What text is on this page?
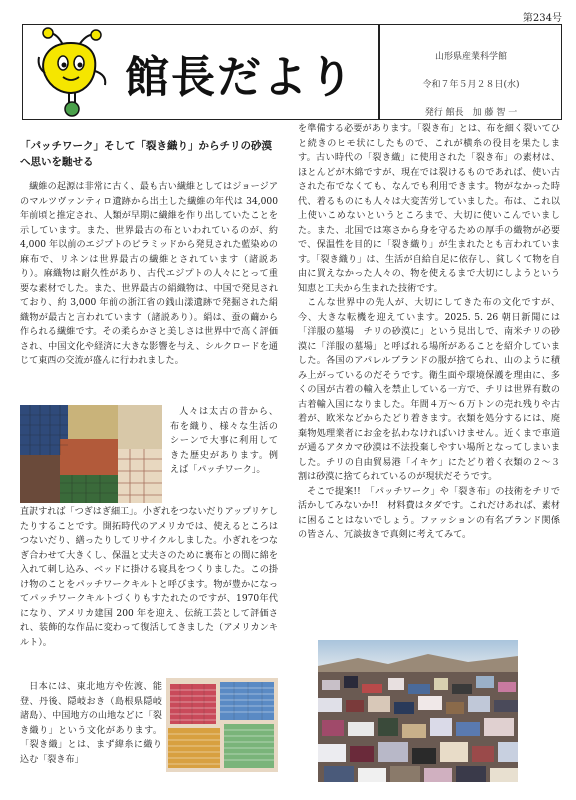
第234号
館長だより	山形県産業科学館
令和７年５月２８日(水)
発行 館長　加 藤 智 一
「パッチワーク」そして「裂き織り」からチリの砂漠へ思いを馳せる

繊維の起源は非常に古く、最も古い繊維としてはジョージアのマルツヴァンティロ遺跡から出土した繊維の年代は 34,000 年前頃と推定され、人類が早期に繊維を作り出していたことを示しています。また、世界最古の布といわれているのが、約 4,000 年以前のエジプトのピラミッドから発見された藍染めの麻布で、リネンは世界最古の繊維とされています（諸説あり）。麻織物は耐久性があり、古代エジプトの人々にとって重要な素材でした。また、世界最古の絹織物は、中国で発見されており、約 3,000 年前の浙江省の銭山漾遺跡で発掘された絹織物が最古と言われています（諸説あり）。絹は、蚕の繭から作られる繊維です。その柔らかさと美しさは世界中で高く評価され、中国文化や経済に大きな影響を与え、シルクロードを通じて東西の交流が盛んに行われました。

人々は太古の昔から、布を織り、様々な生活のシーンで大事に利用してきた歴史があります。例えば「パッチワーク」。

直訳すれば「つぎはぎ細工」。小ぎれをつないだりアップリケしたりすることです。開拓時代のアメリカでは、使えるところはつないだり、繕ったりしてリサイクルしました。小ぎれをつなぎ合わせて大きくし、保温と丈夫さのために裏布との間に綿を入れて刺し込み、ベッドに掛ける寝具をつくりました。この掛け物のことをパッチワークキルトと呼びます。物が豊かになってパッチワークキルトづくりもすたれたのですが、1970年代になり、アメリカ建国 200 年を迎え、伝統工芸として評価され、装飾的な作品に変わって復活してきました（アメリカンキルト）。

日本には、東北地方や佐渡、能登、丹後、隠岐おき（島根県隠岐諸島）、中国地方の山地などに「裂き織り」という文化があります。「裂き織」とは、まず緯糸に織り込む「裂き布」

を準備する必要があります。「裂き布」とは、布を細く裂いてひと続きのヒモ状にしたもので、これが横糸の役目を果たします。古い時代の「裂き織」に使用された「裂き布」の素材は、ほとんどが木綿ですが、現在では裂けるものであれば、使い古された布でなくても、なんでも利用できます。物がなかった時代、着るものにも人々は大変苦労していました。布は、これ以上使いこめないというところまで、大切に使いこんでいました。また、北国では寒さから身を守るための厚手の織物が必要で、保温性を目的に「裂き織り」が生まれたとも言われています。「裂き織り」は、生活が自給自足に依存し、貧しくて物を自由に買えなかった人々の、物を使えるまで大切にしようという知恵と工夫から生まれた技術です。

こんな世界中の先人が、大切にしてきた布の文化ですが、今、大きな転機を迎えています。2025. 5. 26 朝日新聞には「洋服の墓場　チリの砂漠に」という見出しで、南米チリの砂漠に「洋服の墓場」と呼ばれる場所があることを紹介していました。各国のアパレルブランドの服が捨てられ、山のように積み上がっているのだそうです。衛生面や環境保護を理由に、多くの国が古着の輸入を禁止している一方で、チリは世界有数の古着輸入国になりました。年間４万〜６万トンの売れ残りや古着が、欧米などからたどり着きます。衣類を処分するには、廃棄物処理業者にお金を払わなければいけません。近くまで車道が通るアタカマ砂漠は不法投棄しやすい場所となってしまいました。チリの自由貿易港「イキケ」にたどり着く衣類の２〜３割は砂漠に捨てられているのが現状だそうです。

そこで提案!!　「パッチワーク」や「裂き布」の技術をチリで活かしてみないか!!　材料費はタダです。これだけあれば、素材に困ることはないでしょう。ファッションの有名ブランド関係の皆さん、冗談抜きで真剣に考えてみて。
